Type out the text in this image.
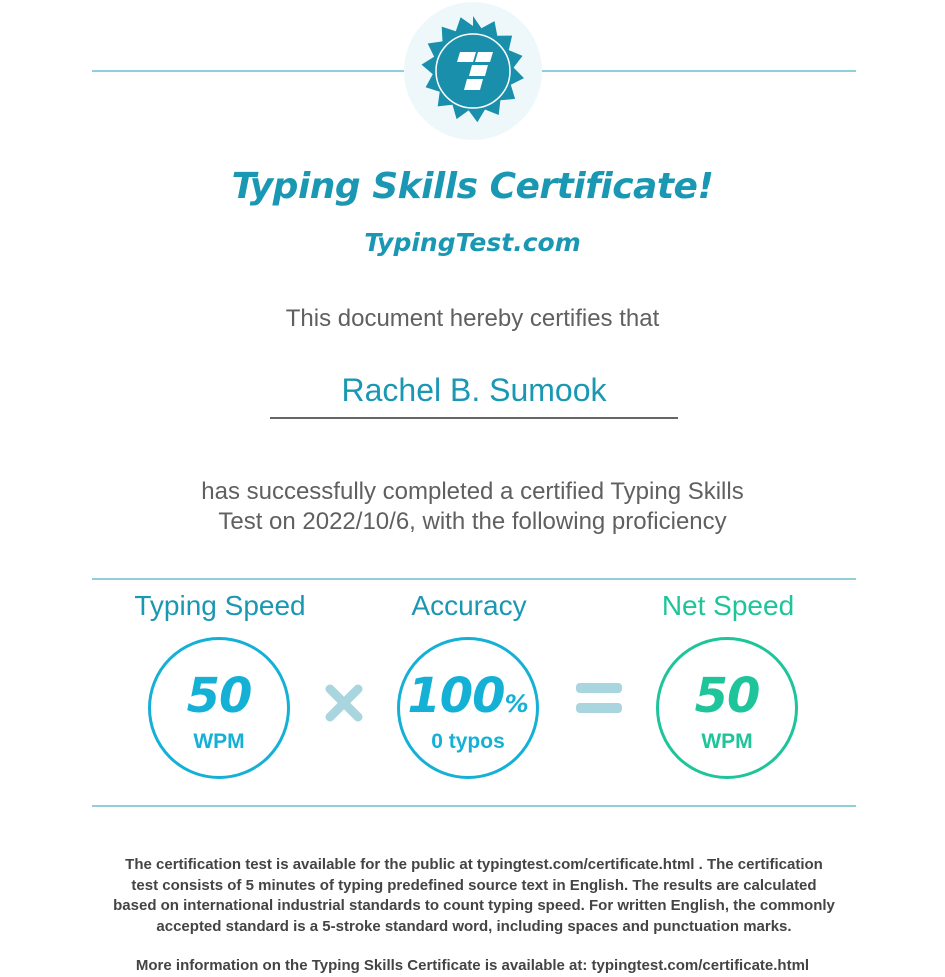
Typing Skills Certificate!
TypingTest.com
This document hereby certifies that
Rachel B. Sumook
has successfully completed a certified Typing Skills
Test on 2022/10/6, with the following proficiency
Typing Speed
50
WPM
Accuracy
100%
0 typos
Net Speed
50
WPM
The certification test is available for the public at typingtest.com/certificate.html . The certification
test consists of 5 minutes of typing predefined source text in English. The results are calculated
based on international industrial standards to count typing speed. For written English, the commonly
accepted standard is a 5-stroke standard word, including spaces and punctuation marks.
More information on the Typing Skills Certificate is available at: typingtest.com/certificate.html
